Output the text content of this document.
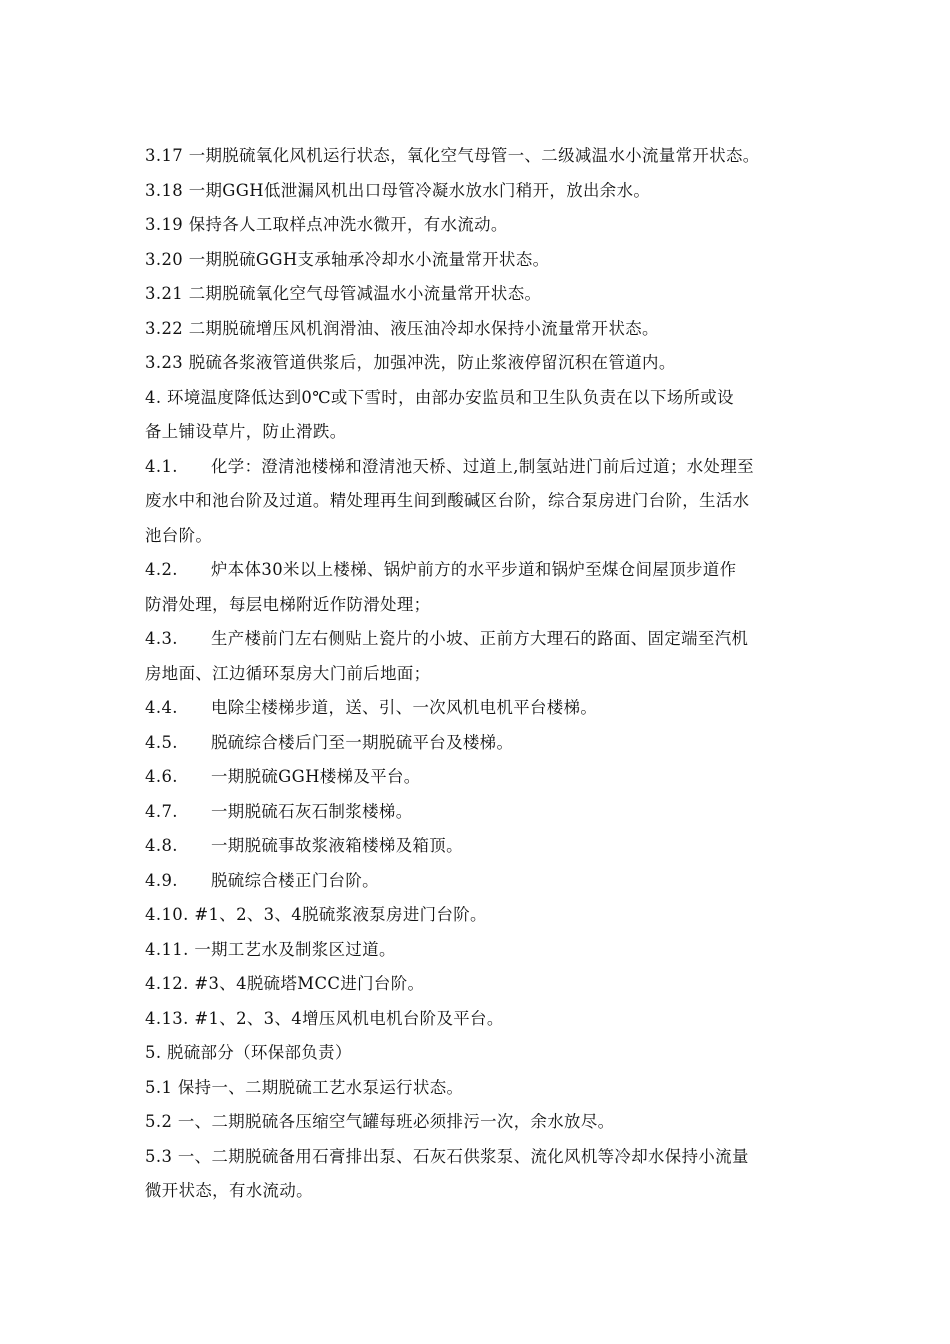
3.17 一期脱硫氧化风机运行状态，氧化空气母管一、二级减温水小流量常开状态。
3.18 一期GGH低泄漏风机出口母管冷凝水放水门稍开，放出余水。
3.19 保持各人工取样点冲洗水微开，有水流动。
3.20 一期脱硫GGH支承轴承冷却水小流量常开状态。
3.21 二期脱硫氧化空气母管减温水小流量常开状态。
3.22 二期脱硫增压风机润滑油、液压油冷却水保持小流量常开状态。
3.23 脱硫各浆液管道供浆后，加强冲洗，防止浆液停留沉积在管道内。
4. 环境温度降低达到0℃或下雪时，由部办安监员和卫生队负责在以下场所或设
备上铺设草片，防止滑跌。
4.1. 化学：澄清池楼梯和澄清池天桥、过道上,制氢站进门前后过道；水处理至
废水中和池台阶及过道。精处理再生间到酸碱区台阶，综合泵房进门台阶，生活水
池台阶。
4.2. 炉本体30米以上楼梯、锅炉前方的水平步道和锅炉至煤仓间屋顶步道作
防滑处理，每层电梯附近作防滑处理；
4.3. 生产楼前门左右侧贴上瓷片的小坡、正前方大理石的路面、固定端至汽机
房地面、江边循环泵房大门前后地面；
4.4. 电除尘楼梯步道，送、引、一次风机电机平台楼梯。
4.5. 脱硫综合楼后门至一期脱硫平台及楼梯。
4.6. 一期脱硫GGH楼梯及平台。
4.7. 一期脱硫石灰石制浆楼梯。
4.8. 一期脱硫事故浆液箱楼梯及箱顶。
4.9. 脱硫综合楼正门台阶。
4.10. #1、2、3、4脱硫浆液泵房进门台阶。
4.11. 一期工艺水及制浆区过道。
4.12. #3、4脱硫塔MCC进门台阶。
4.13. #1、2、3、4增压风机电机台阶及平台。
5. 脱硫部分（环保部负责）
5.1 保持一、二期脱硫工艺水泵运行状态。
5.2 一、二期脱硫各压缩空气罐每班必须排污一次，余水放尽。
5.3 一、二期脱硫备用石膏排出泵、石灰石供浆泵、流化风机等冷却水保持小流量
微开状态，有水流动。
